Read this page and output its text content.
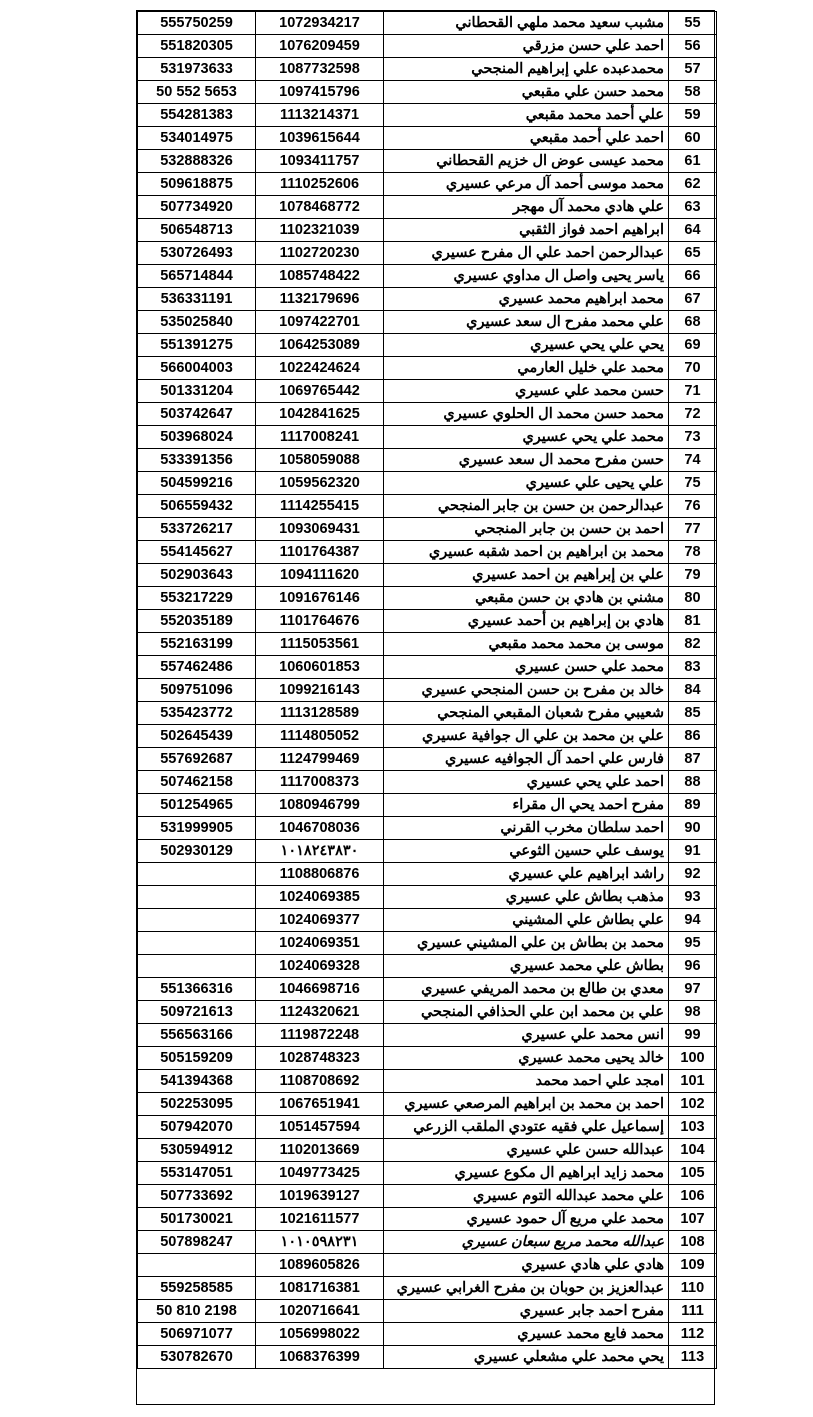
555750259	1072934217	مشبب سعيد محمد ملهي القحطاني	55
551820305	1076209459	احمد علي حسن مزرقي	56
531973633	1087732598	محمدعبده علي إبراهيم المنجحي	57
50 552 5653	1097415796	محمد حسن علي مقبعي	58
554281383	1113214371	علي أحمد محمد مقبعي	59
534014975	1039615644	احمد علي أحمد مقبعي	60
532888326	1093411757	محمد عيسى عوض ال خزيم القحطاني	61
509618875	1110252606	محمد موسى أحمد آل مرعي عسيري	62
507734920	1078468772	علي هادي محمد آل مهجر	63
506548713	1102321039	ابراهيم احمد فواز الثقبي	64
530726493	1102720230	عبدالرحمن احمد علي ال مفرح عسيري	65
565714844	1085748422	ياسر يحيى واصل ال مداوي عسيري	66
536331191	1132179696	محمد ابراهيم محمد عسيري	67
535025840	1097422701	علي محمد مفرح ال سعد عسيري	68
551391275	1064253089	يحي علي يحي عسيري	69
566004003	1022424624	محمد علي خليل العارمي	70
501331204	1069765442	حسن محمد علي عسيري	71
503742647	1042841625	محمد حسن محمد ال الحلوي عسيري	72
503968024	1117008241	محمد علي يحي عسيري	73
533391356	1058059088	حسن مفرح محمد ال سعد عسيري	74
504599216	1059562320	علي يحيى علي عسيري	75
506559432	1114255415	عبدالرحمن بن حسن بن جابر المنجحي	76
533726217	1093069431	احمد بن حسن بن جابر المنجحي	77
554145627	1101764387	محمد بن ابراهيم بن احمد شقبه عسيري	78
502903643	1094111620	علي بن إبراهيم بن احمد عسيري	79
553217229	1091676146	مشني بن هادي بن حسن مقبعي	80
552035189	1101764676	هادي بن إبراهيم بن أحمد عسيري	81
552163199	1115053561	موسى بن محمد محمد مقبعي	82
557462486	1060601853	محمد علي حسن عسيري	83
509751096	1099216143	خالد بن مفرح بن حسن المنجحي عسيري	84
535423772	1113128589	شعيبي مفرح شعبان المقبعي المنجحي	85
502645439	1114805052	علي بن محمد بن علي ال جوافية عسيري	86
557692687	1124799469	فارس علي احمد آل الجوافيه عسيري	87
507462158	1117008373	احمد علي يحي عسيري	88
501254965	1080946799	مفرح احمد يحي ال مقراء	89
531999905	1046708036	احمد سلطان مخرب القرني	90
502930129	١٠١٨٢٤٣٨٣٠	يوسف علي حسين الثوعي	91
	1108806876	راشد ابراهيم علي عسيري	92
	1024069385	مذهب بطاش علي عسيري	93
	1024069377	علي بطاش علي المشيني	94
	1024069351	محمد بن بطاش بن علي المشيني عسيري	95
	1024069328	بطاش علي محمد عسيري	96
551366316	1046698716	معدي بن طالع بن محمد المريفي عسيري	97
509721613	1124320621	علي بن محمد ابن علي الحذافي المنجحي	98
556563166	1119872248	انس محمد علي عسيري	99
505159209	1028748323	خالد يحيى محمد عسيري	100
541394368	1108708692	امجد علي احمد محمد	101
502253095	1067651941	احمد بن محمد بن ابراهيم المرصعي عسيري	102
507942070	1051457594	إسماعيل علي فقيه عتودي الملقب الزرعي	103
530594912	1102013669	عبدالله حسن علي عسيري	104
553147051	1049773425	محمد زايد ابراهيم ال مكوع عسيري	105
507733692	1019639127	علي محمد عبدالله التوم عسيري	106
501730021	1021611577	محمد علي مريع آل حمود عسيري	107
507898247	١٠١٠٥٩٨٢٣١	عبدالله محمد مريع سبعان عسيري	108
	1089605826	هادي علي هادي عسيري	109
559258585	1081716381	عبدالعزيز بن حوبان بن مفرح الغرابي عسيري	110
50 810 2198	1020716641	مفرح احمد جابر عسيري	111
506971077	1056998022	محمد فايع محمد عسيري	112
530782670	1068376399	يحي محمد علي مشعلي عسيري	113
